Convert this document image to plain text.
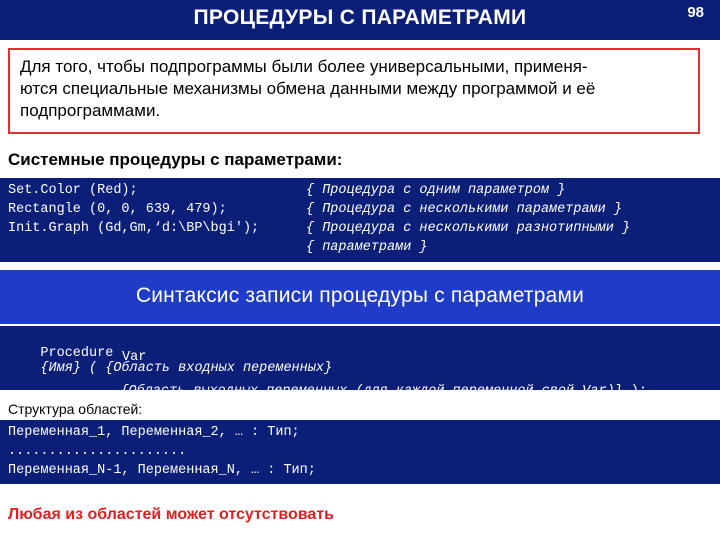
ПРОЦЕДУРЫ С ПАРАМЕТРАМИ	98
Для того, чтобы подпрограммы были более универсальными, применя-
ются специальные механизмы обмена данными между программой и её
подпрограммами.
Системные процедуры с параметрами:
Set.Color (Red);
Rectangle (0, 0, 639, 479);
Init.Graph (Gd,Gm,‘d:\BP\bgi');
{ Процедура с одним параметром }
{ Процедура с несколькими параметрами }
{ Процедура с несколькими разнотипными }
{ параметрами }
Синтаксис записи процедуры с параметрами

Procedure
{Имя} ( {Область входных переменных}

Var

{Область выходных переменных (для каждой переменной свой Var)} );

Структура областей:
Переменная_1, Переменная_2, … : Тип;
......................
Переменная_N-1, Переменная_N, … : Тип;
Любая из областей может отсутствовать
